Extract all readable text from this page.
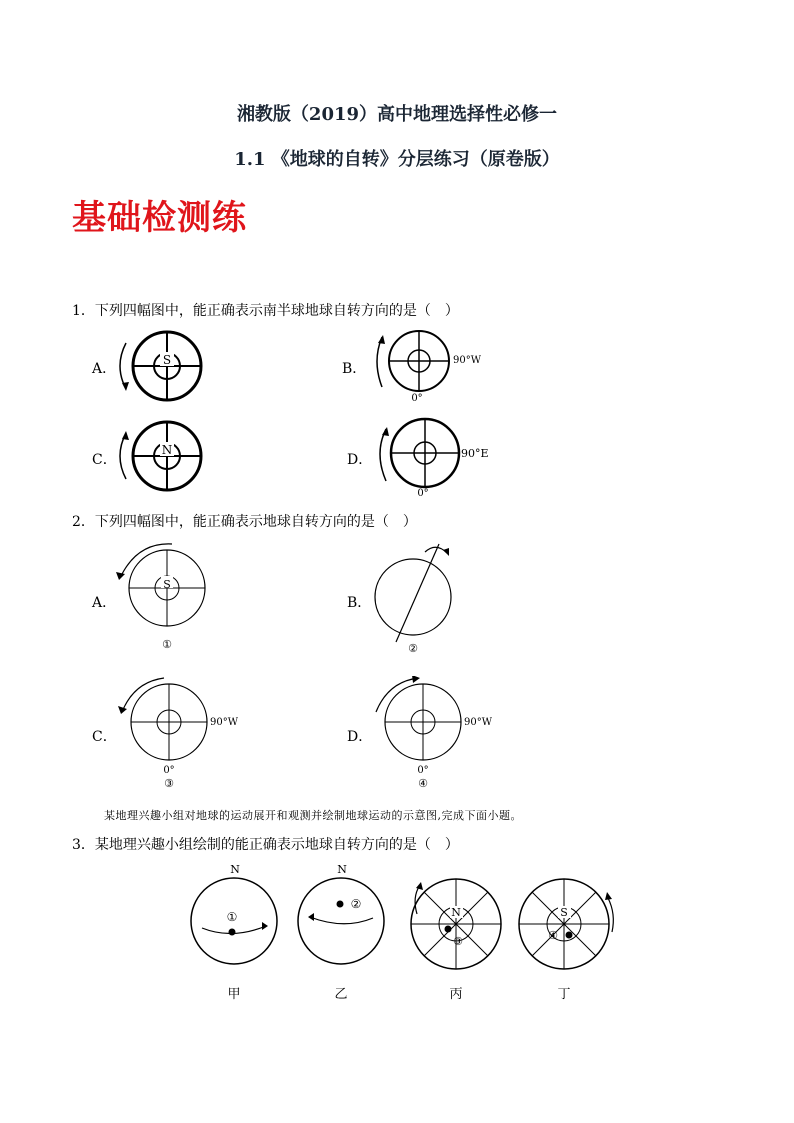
湘教版（2019）高中地理选择性必修一
1.1 《地球的自转》分层练习（原卷版）
基础检测练
1．下列四幅图中，能正确表示南半球地球自转方向的是（　）
A．
S
B．
90°W
0°
C．
N
D．	90°E
0°
2．下列四幅图中，能正确表示地球自转方向的是（　）
A．
S
①
B．
②
C．
90°W
0°
③
D．
90°W
0°
④
某地理兴趣小组对地球的运动展开和观测并绘制地球运动的示意图,完成下面小题。
3．某地理兴趣小组绘制的能正确表示地球自转方向的是（　）
N
①
甲
N
②
乙
N
③
丙
S
④
丁
